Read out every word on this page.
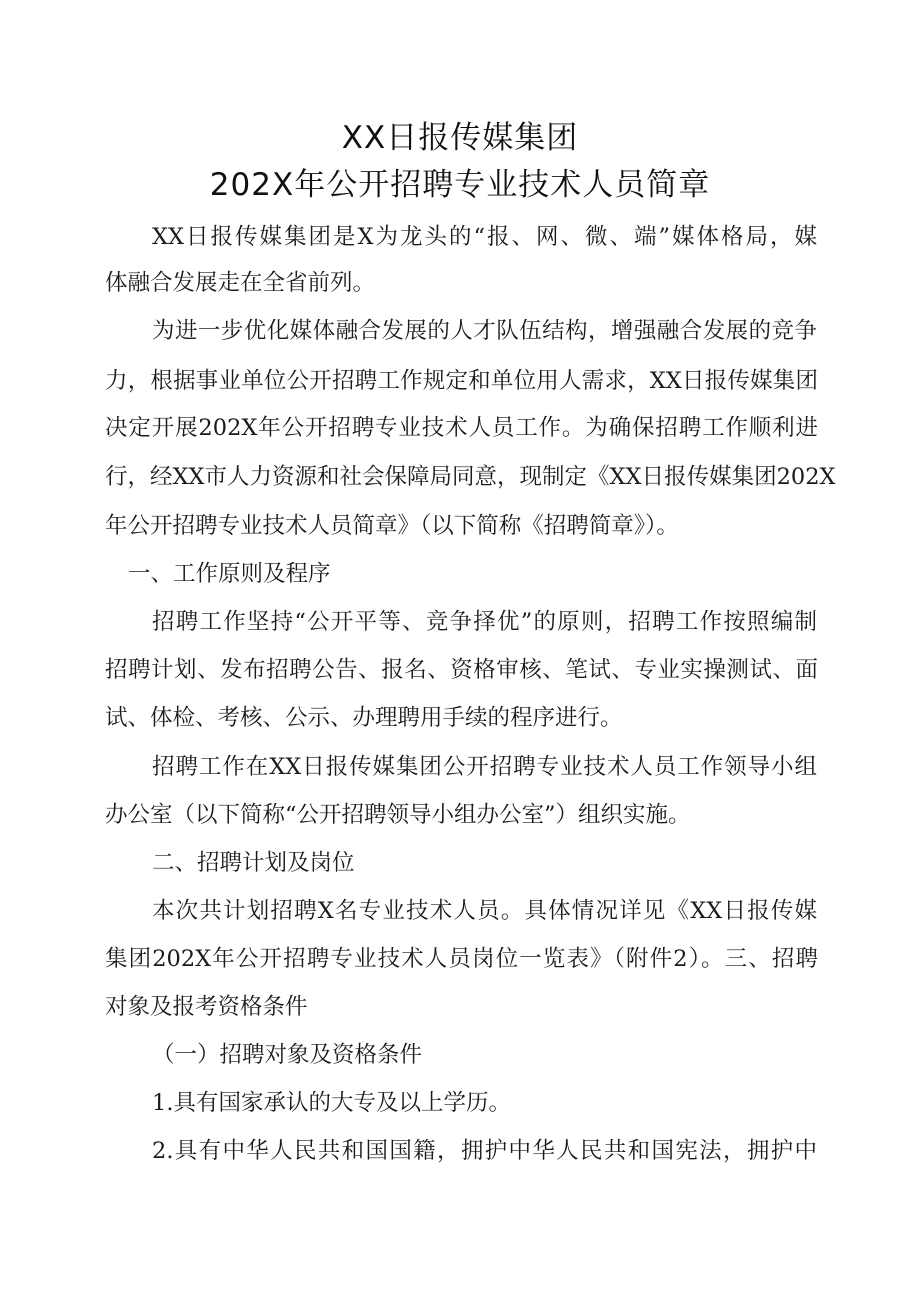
XX日报传媒集团
202X年公开招聘专业技术人员简章
XX日报传媒集团是X为龙头的“报、网、微、端”媒体格局，媒
体融合发展走在全省前列。
为进一步优化媒体融合发展的人才队伍结构，增强融合发展的竞争
力，根据事业单位公开招聘工作规定和单位用人需求，XX日报传媒集团
决定开展202X年公开招聘专业技术人员工作。为确保招聘工作顺利进
行，经XX市人力资源和社会保障局同意，现制定《XX日报传媒集团202X
年公开招聘专业技术人员简章》（以下简称《招聘简章》）。
一、工作原则及程序
招聘工作坚持“公开平等、竞争择优”的原则，招聘工作按照编制
招聘计划、发布招聘公告、报名、资格审核、笔试、专业实操测试、面
试、体检、考核、公示、办理聘用手续的程序进行。
招聘工作在XX日报传媒集团公开招聘专业技术人员工作领导小组
办公室（以下简称“公开招聘领导小组办公室”）组织实施。
二、招聘计划及岗位
本次共计划招聘X名专业技术人员。具体情况详见《XX日报传媒
集团202X年公开招聘专业技术人员岗位一览表》（附件2）。三、招聘
对象及报考资格条件
（一）招聘对象及资格条件
1.具有国家承认的大专及以上学历。
2.具有中华人民共和国国籍，拥护中华人民共和国宪法，拥护中
